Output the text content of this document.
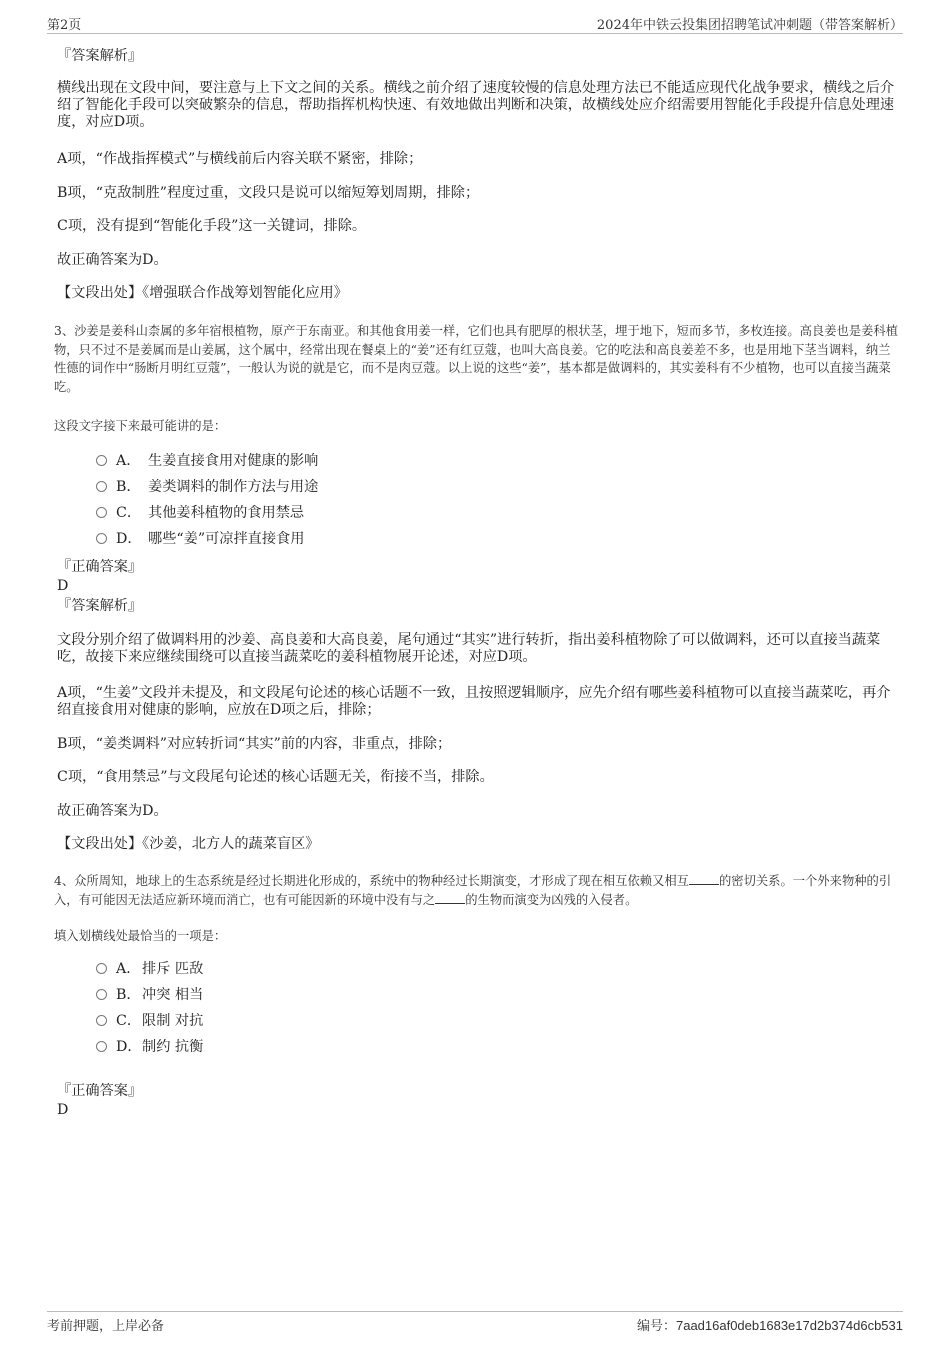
第2页	2024年中铁云投集团招聘笔试冲刺题（带答案解析）
『答案解析』
横线出现在文段中间，要注意与上下文之间的关系。横线之前介绍了速度较慢的信息处理方法已不能适应现代化战争要求，横线之后介绍了智能化手段可以突破繁杂的信息，帮助指挥机构快速、有效地做出判断和决策，故横线处应介绍需要用智能化手段提升信息处理速度，对应D项。
A项，“作战指挥模式”与横线前后内容关联不紧密，排除；
B项，“克敌制胜”程度过重，文段只是说可以缩短筹划周期，排除；
C项，没有提到“智能化手段”这一关键词，排除。
故正确答案为D。
【文段出处】《增强联合作战筹划智能化应用》
3、沙姜是姜科山柰属的多年宿根植物，原产于东南亚。和其他食用姜一样，它们也具有肥厚的根状茎，埋于地下，短而多节，多枚连接。高良姜也是姜科植物，只不过不是姜属而是山姜属，这个属中，经常出现在餐桌上的“姜”还有红豆蔻，也叫大高良姜。它的吃法和高良姜差不多，也是用地下茎当调料，纳兰性德的词作中“肠断月明红豆蔻”，一般认为说的就是它，而不是肉豆蔻。以上说的这些“姜”，基本都是做调料的，其实姜科有不少植物，也可以直接当蔬菜吃。
这段文字接下来最可能讲的是：
A． 生姜直接食用对健康的影响
B． 姜类调料的制作方法与用途
C． 其他姜科植物的食用禁忌
D． 哪些“姜”可凉拌直接食用
『正确答案』
D
『答案解析』
文段分别介绍了做调料用的沙姜、高良姜和大高良姜，尾句通过“其实”进行转折，指出姜科植物除了可以做调料，还可以直接当蔬菜吃，故接下来应继续围绕可以直接当蔬菜吃的姜科植物展开论述，对应D项。
A项，“生姜”文段并未提及，和文段尾句论述的核心话题不一致，且按照逻辑顺序，应先介绍有哪些姜科植物可以直接当蔬菜吃，再介绍直接食用对健康的影响，应放在D项之后，排除；
B项，“姜类调料”对应转折词“其实”前的内容，非重点，排除；
C项，“食用禁忌”与文段尾句论述的核心话题无关，衔接不当，排除。
故正确答案为D。
【文段出处】《沙姜，北方人的蔬菜盲区》
4、众所周知，地球上的生态系统是经过长期进化形成的，系统中的物种经过长期演变，才形成了现在相互依赖又相互 的密切关系。一个外来物种的引入，有可能因无法适应新环境而消亡，也有可能因新的环境中没有与之 的生物而演变为凶残的入侵者。
填入划横线处最恰当的一项是：
A． 排斥 匹敌
B．冲突 相当
C．限制 对抗
D．制约 抗衡
『正确答案』
D
考前押题，上岸必备	编号：7aad16af0deb1683e17d2b374d6cb531
